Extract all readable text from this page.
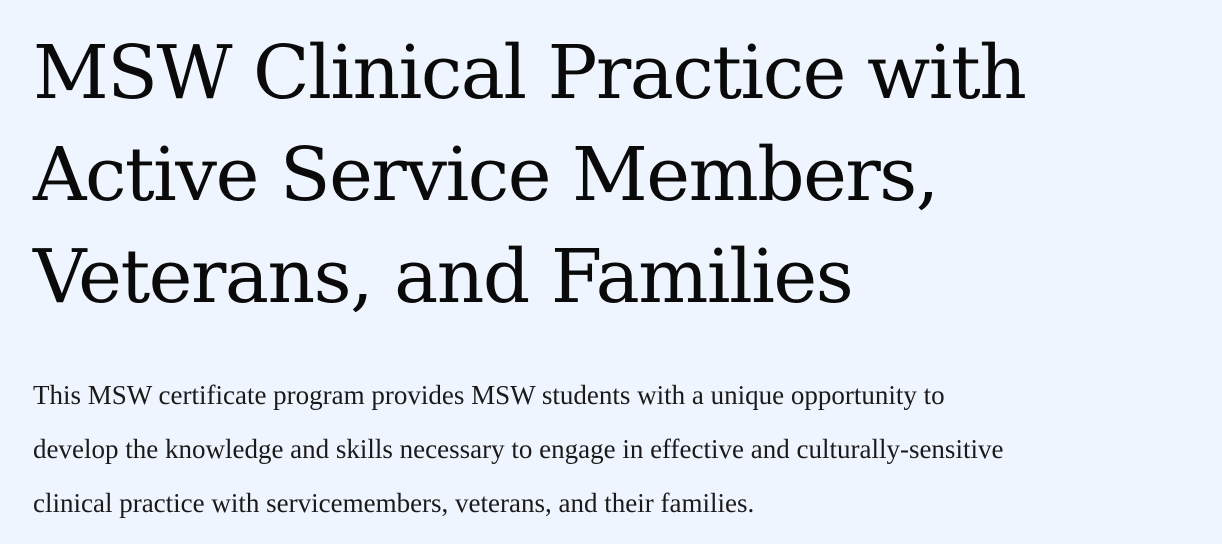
MSW Clinical Practice with
Active Service Members,
Veterans, and Families

This MSW certificate program provides MSW students with a unique opportunity to
develop the knowledge and skills necessary to engage in effective and culturally-sensitive
clinical practice with servicemembers, veterans, and their families.
